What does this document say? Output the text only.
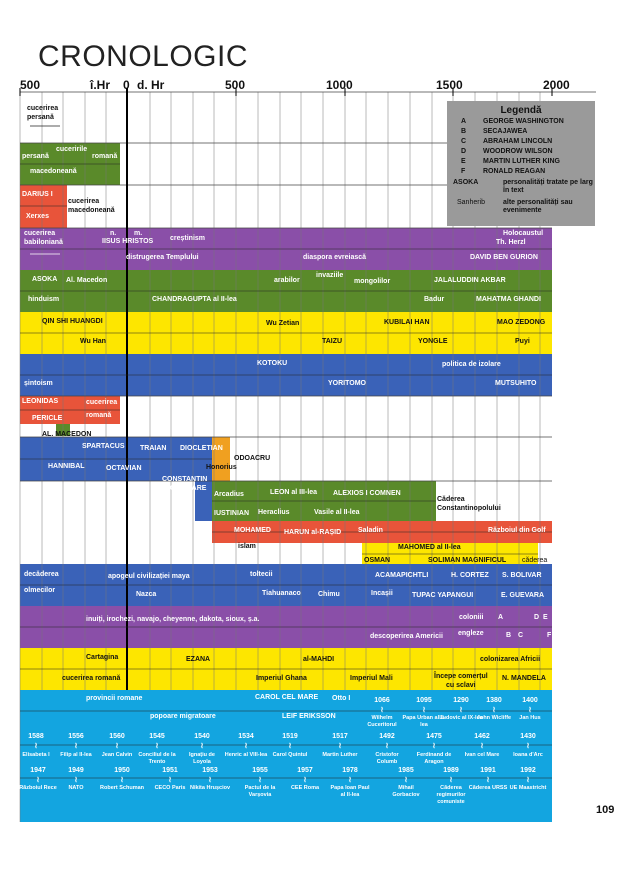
CRONOLOGIC
500	î.Hr 0 d. Hr	500	1000	1500	2000
Legendă
A GEORGE WASHINGTON
B SECAJAWEA
C ABRAHAM LINCOLN
D WOODROW WILSON
E MARTIN LUTHER KING
F	RONALD REAGAN
ASOKA	personalități tratate pe larg în text
Sanherib	alte personalități sau evenimente
cucerirea
persană
persană
cuceririle
romană
macedoneană
DARIUS I
cucerirea
macedoneană
Xerxes
cucerirea
babiloniană
n.	m.
IISUS HRISTOS creștinism
Holocaustul
Th. Herzl
distrugerea Templului	diaspora evreiască	DAVID BEN GURION
ASOKA Al. Macedon	arabilor
invaziile
mongolilor	JALALUDDIN AKBAR
hinduism	CHANDRAGUPTA al II-lea	Badur	MAHATMA GHANDI
QIN SHI HUANGDI	Wu Zetian	KUBILAI HAN	MAO ZEDONG
Wu Han	TAIZU	YONGLE	Puyi
KOTOKU	politica de izolare
șintoism	YORITOMO	MUTSUHITO
LEONIDAS	cucerirea
PERICLE	romană
AL. MACEDON
SPARTACUS TRAIAN DIOCLETIAN
HANNIBAL	OCTAVIAN
ODOACRU
Honorius
CONSTANTIN
CEL MARE
Arcadius	LEON al III-lea ALEXIOS I COMNEN
IUSTINIAN Heraclius	Vasile al II-lea
Căderea
Constantinopolului
MOHAMED HARUN al-RAȘID Saladin	Războiul din Golf
islam	MAHOMED al II-lea
OSMAN	SOLIMAN MAGNIFICUL căderea
decăderea	apogeul civilizației maya	toltecii	ACAMAPICHTLI	H. CORTEZ S. BOLIVAR
olmecilor
Nazca	Tiahuanaco Chimu	Incașii	TUPAC YAPANGUI	E. GUEVARA
inuiți, irochezi, navajo, cheyenne, dakota, sioux, ș.a.	coloniii A	D E
descoperirea Americii engleze	B C	F
Cartagina	EZANA	al-MAHDI	colonizarea Africii
cucerirea romană	Imperiul Ghana	Imperiul Mali	Începe comerțul
cu sclavi
N. MANDELA
provincii romane	CAROL CEL MARE Otto I
popoare migratoare	LEIF ERIKSSON
1066
≀
Wilhelm Cuceritorul
1095
≀
Papa Urban al II-lea
1290
≀
Ludovic al IX-lea
1380
≀
John Wicliffe
1400
≀
Jan Hus
1588
≀
Elisabeta I
1556
≀
Filip al II-lea
1560
≀
Jean Calvin
1545
≀
Conciliul de la Trento
1540
≀
Ignațiu de Loyola
1534
≀
Henric al VIII-lea
1519
≀
Carol Quintul
1517
≀
Martin Luther
1492
≀
Cristofor Columb
1475
≀
Ferdinand de Aragon
1462
≀
Ivan cel Mare
1430
≀
Ioana d'Arc
1947
≀
Războiul Rece
1949
≀
NATO
1950
≀
Robert Schuman
1951
≀
CECO Paris
1953
≀
Nikita Hrușciov
1955
≀
Pactul de la Varșovia
1957
≀
CEE Roma
1978
≀
Papa Ioan Paul al II-lea
1985
≀
Mihail Gorbaciov
1989
≀
Căderea regimurilor comuniste
1991
≀
Căderea URSS
1992
≀
UE Maastricht
109
